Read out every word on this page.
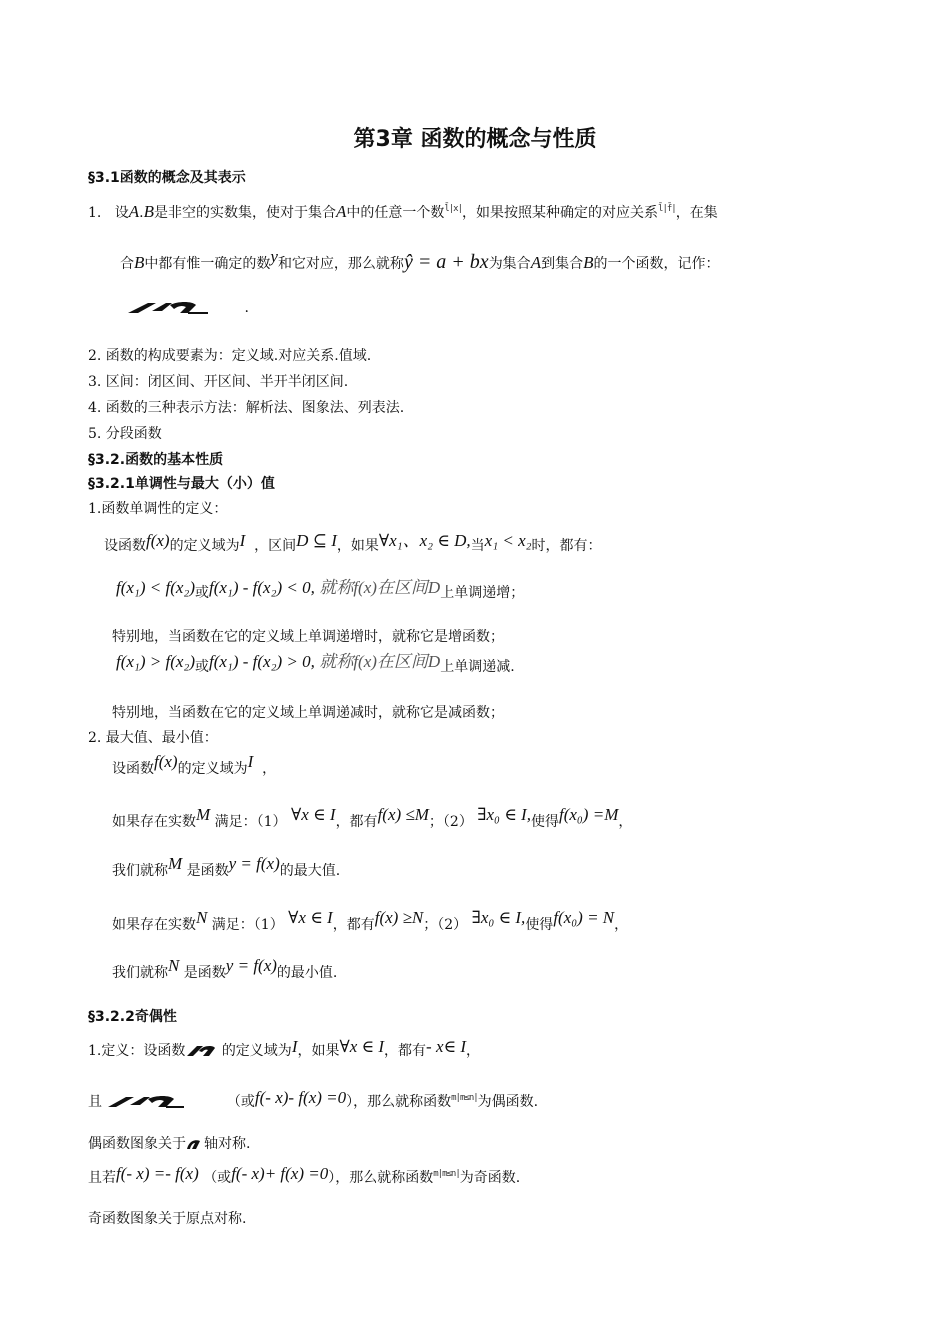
第3章 函数的概念与性质
§3.1函数的概念及其表示
1. 设A.B是非空的实数集，使对于集合A中的任意一个数$^{l̄|x|}$，如果按照某种确定的对应关系$^{l̄|f̄|}$，在集
合B中都有惟一确定的数y和它对应，那么就称ŷ = a + bx为集合A到集合B的一个函数，记作：
.
2. 函数的构成要素为：定义域.对应关系.值域.
3. 区间：闭区间、开区间、半开半闭区间.
4. 函数的三种表示方法：解析法、图象法、列表法.
5. 分段函数
§3.2.函数的基本性质
§3.2.1单调性与最大（小）值
1.函数单调性的定义：
设函数f(x)的定义域为I ，区间D ⊆ I，如果∀x₁、x₂ ∈ D,当x₁ < x₂时，都有：
f(x₁) < f(x₂)或f(x₁) - f(x₂) < 0, 就称f(x)在区间D上单调递增；
特别地，当函数在它的定义域上单调递增时，就称它是增函数；
f(x₁) > f(x₂)或f(x₁) - f(x₂) > 0, 就称f(x)在区间D上单调递减.
特别地，当函数在它的定义域上单调递减时，就称它是减函数；
2. 最大值、最小值：
设函数f(x)的定义域为I ，
如果存在实数M 满足：（1） ∀x ∈ I，都有f(x) ≤M；（2） ∃x₀ ∈ I,使得f(x₀) =M，
我们就称M 是函数y = f(x)的最大值.
如果存在实数N 满足：（1） ∀x ∈ I，都有f(x) ≥N；（2） ∃x₀ ∈ I,使得f(x₀) = N，
我们就称N 是函数y = f(x)的最小值.
§3.2.2奇偶性
1.定义：设函数	的定义域为I，如果∀x ∈ I，都有- x∈ I，
且	（或f(- x)- f(x) =0），那么就称函数$^{m|m\le n|}$为偶函数.
偶函数图象关于 轴对称.
且若f(- x) =- f(x) （或f(- x)+ f(x) =0），那么就称函数$^{m|m\le n|}$为奇函数.
奇函数图象关于原点对称.
